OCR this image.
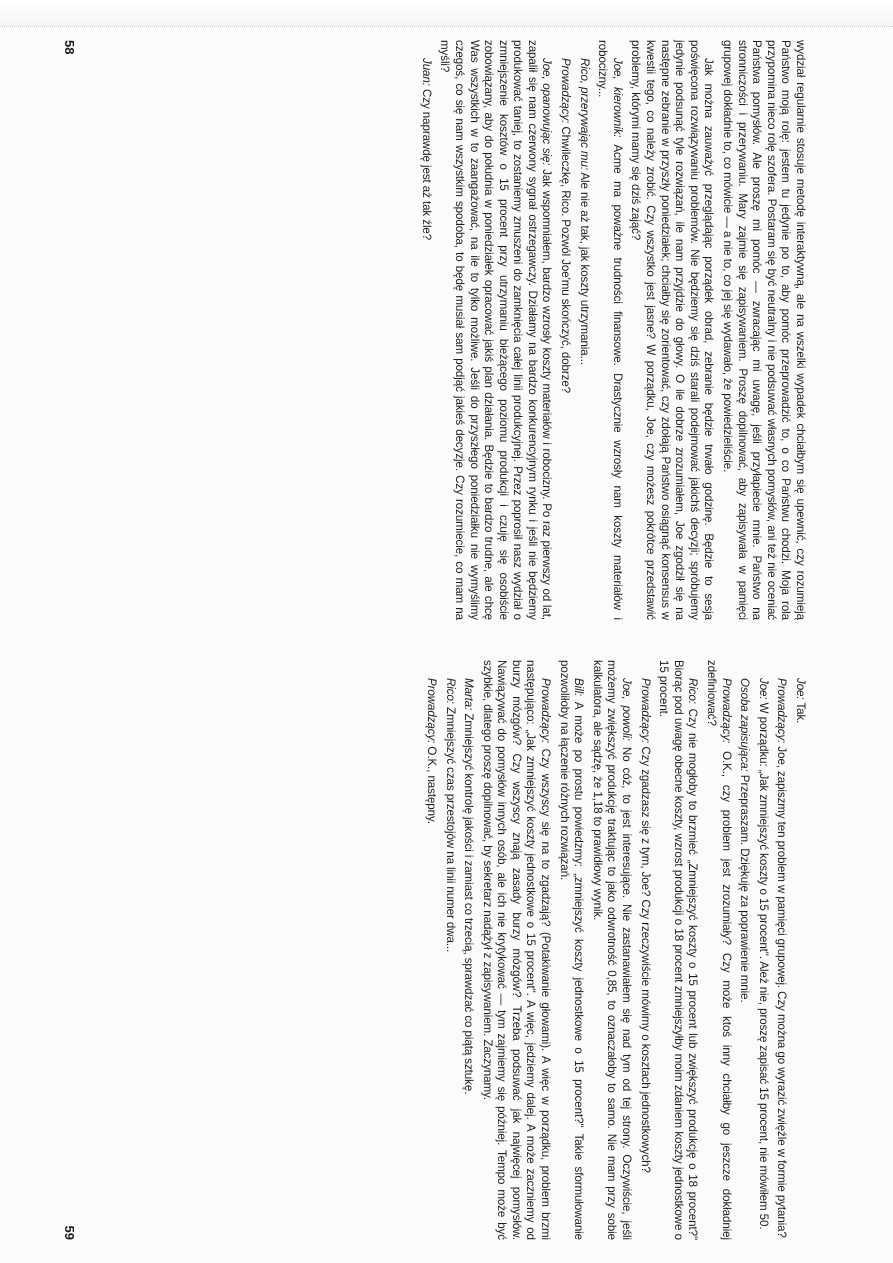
wydział regularnie stosuje metodę interaktywną, ale na wszelki wypadek chciałbym się upewnić, czy rozumieją Państwo moją rolę: jestem tu jedynie po to, aby pomóc przeprowadzić to, o co Państwu chodzi. Moja rola przypomina nieco rolę szofera. Postaram się być neutralny i nie podsuwać własnych pomysłów, ani też nie oceniać Państwa pomysłów. Ale proszę mi pomóc — zwracając mi uwagę, jeśli przyłapiecie mnie. Państwo na stronniczości i przerywaniu. Mary zajmie się zapisywaniem. Proszę dopilnować, aby zapisywała w pamięci grupowej dokładnie to, co mówicie — a nie to, co jej się wydawało, że powiedzieliście.

Jak można zauważyć przeglądając porządek obrad, zebranie będzie trwało godzinę. Będzie to sesja poświęcona rozwiązywaniu problemów. Nie będziemy się dziś starali podejmować jakichś decyzji; spróbujemy jedynie podsunąć tyle rozwiązań, ile nam przyjdzie do głowy. O ile dobrze zrozumiałem, Joe zgodził się na następne zebranie w przyszły poniedziałek; chciałby się zorientować, czy zdołają Państwo osiągnąć konsensus w kwestii tego, co należy zrobić. Czy wszystko jest jasne? W porządku, Joe, czy możesz pokrótce przedstawić problemy, którymi mamy się dziś zająć?

Joe, kierownik: Acme ma poważne trudności finansowe. Drastycznie wzrosły nam koszty materiałów i robocizny...

Rico, przerywając mu: Ale nie aż tak, jak koszty utrzymania...

Prowadzący: Chwileczkę, Rico. Pozwól Joe'mu skończyć, dobrze?

Joe, opanowując się: Jak wspomniałem, bardzo wzrosły koszty materiałów i robocizny. Po raz pierwszy od lat, zapalił się nam czerwony sygnał ostrzegawczy. Działamy na bardzo konkurencyjnym rynku i jeśli nie będziemy produkować taniej, to zostaniemy zmuszeni do zamknięcia całej linii produkcyjnej. Przez poprosił nasz wydział o zmniejszenie kosztów o 15 procent przy utrzymaniu bieżącego poziomu produkcji i czuję się osobiście zobowiązany, aby do południa w poniedziałek opracować jakiś plan działania. Będzie to bardzo trudne, ale chcę Was wszystkich w to zaangażować, na ile to tylko możliwe. Jeśli do przyszłego poniedziałku nie wymyślimy czegoś, co się nam wszystkim spodoba, to będę musiał sam podjąć jakieś decyzje. Czy rozumiecie, co mam na myśli?

Juan: Czy naprawdę jest aż tak źle?

58

Joe: Tak.

Prowadzący: Joe, zapiszmy ten problem w pamięci grupowej. Czy można go wyrazić zwięźle w formie pytania?

Joe: W porządku: „Jak zmniejszyć koszty o 15 procent". Ależ nie, proszę zapisać 15 procent, nie mówiłem 50.

Osoba zapisująca: Przepraszam. Dziękuję za poprawienie mnie.

Prowadzący: O.K., czy problem jest zrozumiały? Czy może ktoś inny chciałby go jeszcze dokładniej zdefiniować?

Rico: Czy nie mogłoby to brzmieć „Zmniejszyć koszty o 15 procent lub zwiększyć produkcję o 18 procent?" Biorąc pod uwagę obecne koszty, wzrost produkcji o 18 procent zmniejszyłby moim zdaniem koszty jednostkowe o 15 procent.

Prowadzący: Czy zgadzasz się z tym, Joe? Czy rzeczywiście mówimy o kosztach jednostkowych?

Joe, powoli: No cóż, to jest interesujące. Nie zastanawiałem się nad tym od tej strony. Oczywiście, jeśli możemy zwiększyć produkcję traktując to jako odwrotność 0,85, to oznaczałoby to samo. Nie mam przy sobie kalkulatora, ale sądzę, że 1,18 to prawidłowy wynik.

Bill: A może po prostu powiedzmy: „zmniejszyć koszty jednostkowe o 15 procent?" Takie sformułowanie pozwoliłoby na łączenie różnych rozwiązań.

Prowadzący: Czy wszyscy się na to zgadzają? (Potakiwanie głowami). A więc w porządku, problem brzmi następująco: „Jak zmniejszyć koszty jednostkowe o 15 procent". A więc, jedziemy dalej. A może zaczniemy od burzy mózgów? Czy wszyscy znają zasady burzy mózgów? Trzeba podsuwać jak najwięcej pomysłów. Nawiązywać do pomysłów innych osób, ale ich nie krytykować — tym zajmiemy się później. Tempo może być szybkie, dlatego proszę dopilnować, by sekretarz nadążył z zapisywaniem. Zaczynamy.

Marta: Zmniejszyć kontrolę jakości i zamiast co trzecią, sprawdzać co piątą sztukę.

Rico: Zmniejszyć czas przestojów na linii numer dwa...

Prowadzący: O.K., następny.

59
